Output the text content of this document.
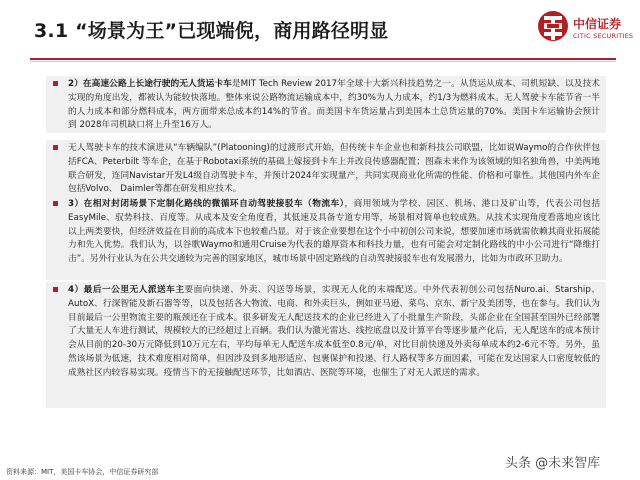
3.1 “场景为王”已现端倪，商用路径明显	中信证券
CITIC SECURITIES
2）在高速公路上长途行驶的无人货运卡车是MIT Tech Review 2017年全球十大新兴科技趋势之一。从货运从成本、司机短缺、以及技术实现的角度出发，都被认为能较快落地。整体来说公路物流运输成本中，约30%为人力成本，约1/3为燃料成本。无人驾驶卡车能节省一半的人力成本和部分燃料成本，两方面带来总成本约14%的节省。而美国卡车货运量占到美国本土总货运量的70%。美国卡车运输协会预计到 2028年司机缺口将上升至16万人。
无人驾驶卡车的技术演进从“车辆编队”(Platooning)的过渡形式开始，但传统卡车企业也和新科技公司联盟，比如说Waymo的合作伙伴包括FCA、Peterbilt 等车企，在基于Robotaxi系统的基础上嫁接到卡车上并改良传感器配置；图森未来作为该领域的知名独角兽，中美两地联合研发，连同Navistar开发L4级自动驾驶卡车，并预计2024年实现量产，共同实现商业化所需的性能、价格和可靠性。其他国内外车企包括Volvo、 Daimler等都在研发相应技术。
3）在相对封闭场景下定制化路线的微循环自动驾驶接驳车（物流车），商用领域为学校、园区、机场、港口及矿山等，代表公司包括EasyMile、驭势科技、百度等。从成本及安全角度看，其低速及具备专道专用等，场景相对简单也较成熟。从技术实现角度看落地应该比以上两类要快，但经济效益在目前的高成本下也较难凸显。对于该企业要想在这个小中初创公司来说，想要加速市场就需依赖其商业拓展能力和先入优势。我们认为，以谷歌Waymo和通用Cruise为代表的雄厚资本和科技力量，也有可能会对定制化路线的中小公司进行“降维打击”。另外行业认为在公共交通较为完善的国家地区，城市场景中固定路线的自动驾驶接驳车也有发展潜力，比如为市政环卫助力。
4）最后一公里无人派送车主要面向快递、外卖、闪送等场景，实现无人化的末端配送。中外代表初创公司包括Nuro.ai、Starship、AutoX、行深智能及新石器等等，以及包括各大物流、电商、和外卖巨头，例如亚马逊、菜鸟、京东、新宁及美团等，也在参与。我们认为目前最后一公里物流主要的瓶颈还在于成本。很多研发无人配送技术的企业已经进入了小批量生产阶段，头部企业在全国甚至国外已经部署了大量无人车进行测试，规模较大的已经超过上百辆。我们认为激光雷达、线控底盘以及计算平台等逐步量产化后，无人配送车的成本预计会从目前的20-30万元降低到10万元左右，平均每单无人配送车成本低至0.8元/单，对比目前快递及外卖每单成本约2-6元不等。另外，虽然该场景为低速，技术难度相对简单，但因涉及到多地形适应、包裹保护和投递、行人路权等多方面因素，可能在发达国家人口密度较低的成熟社区内较容易实现。疫情当下的无接触配送环节，比如酒店、医院等环境，也催生了对无人派送的需求。
资料来源：MIT，美国卡车协会，中信证券研究部
头条 @未来智库
